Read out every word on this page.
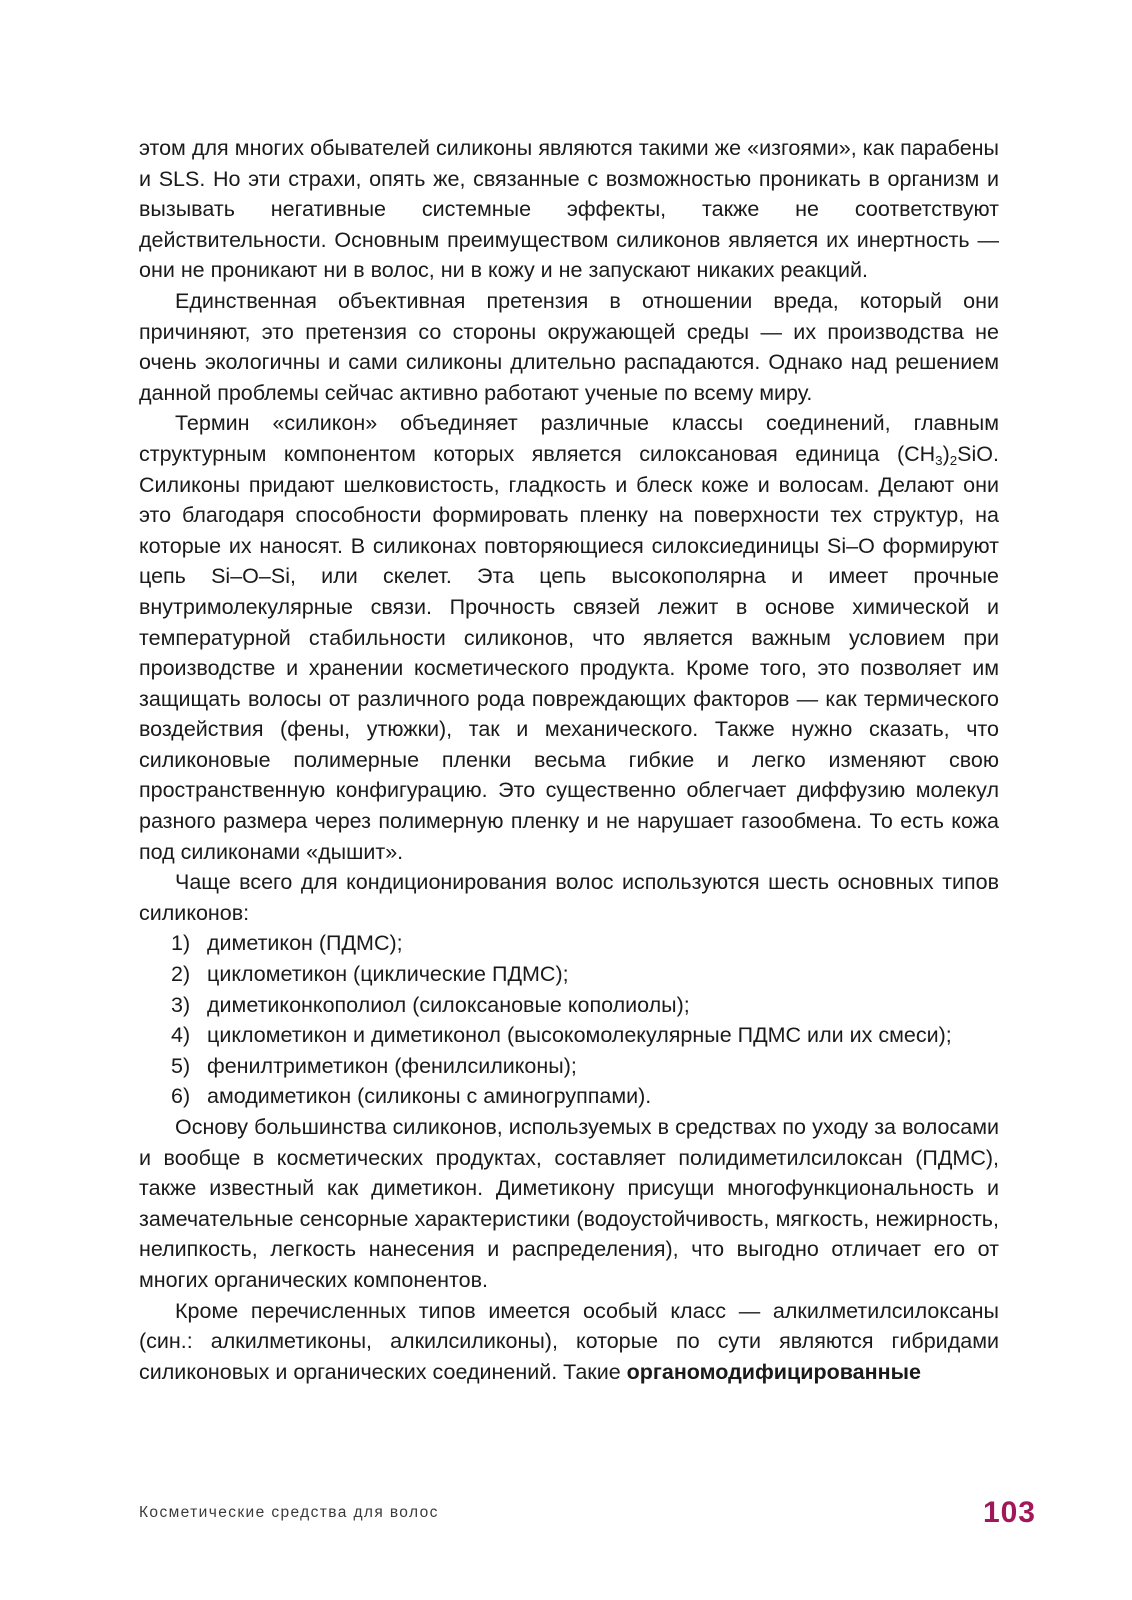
этом для многих обывателей силиконы являются такими же «изгоями», как парабены и SLS. Но эти страхи, опять же, связанные с возможностью проникать в организм и вызывать негативные системные эффекты, также не соответствуют действительности. Основным преимуществом силиконов является их инертность — они не проникают ни в волос, ни в кожу и не запускают никаких реакций.

Единственная объективная претензия в отношении вреда, который они причиняют, это претензия со стороны окружающей среды — их производства не очень экологичны и сами силиконы длительно распадаются. Однако над решением данной проблемы сейчас активно работают ученые по всему миру.

Термин «силикон» объединяет различные классы соединений, главным структурным компонентом которых является силоксановая единица $(CH_3)_2SiO$. Силиконы придают шелковистость, гладкость и блеск коже и волосам. Делают они это благодаря способности формировать пленку на поверхности тех структур, на которые их наносят. В силиконах повторяющиеся силоксиединицы Si–O формируют цепь Si–O–Si, или скелет. Эта цепь высокополярна и имеет прочные внутримолекулярные связи. Прочность связей лежит в основе химической и температурной стабильности силиконов, что является важным условием при производстве и хранении косметического продукта. Кроме того, это позволяет им защищать волосы от различного рода повреждающих факторов — как термического воздействия (фены, утюжки), так и механического. Также нужно сказать, что силиконовые полимерные пленки весьма гибкие и легко изменяют свою пространственную конфигурацию. Это существенно облегчает диффузию молекул разного размера через полимерную пленку и не нарушает газообмена. То есть кожа под силиконами «дышит».

Чаще всего для кондиционирования волос используются шесть основных типов силиконов:

1) диметикон (ПДМС);
2) циклометикон (циклические ПДМС);
3) диметиконкополиол (силоксановые кополиолы);
4) циклометикон и диметиконол (высокомолекулярные ПДМС или их смеси);
5) фенилтриметикон (фенилсиликоны);
6) амодиметикон (силиконы с аминогруппами).

Основу большинства силиконов, используемых в средствах по уходу за волосами и вообще в косметических продуктах, составляет полидиметилсилоксан (ПДМС), также известный как диметикон. Диметикону присущи многофункциональность и замечательные сенсорные характеристики (водоустойчивость, мягкость, нежирность, нелипкость, легкость нанесения и распределения), что выгодно отличает его от многих органических компонентов.

Кроме перечисленных типов имеется особый класс — алкилметилсилоксаны (син.: алкилметиконы, алкилсиликоны), которые по сути являются гибридами силиконовых и органических соединений. Такие органомодифицированные

Косметические средства для волос	103
